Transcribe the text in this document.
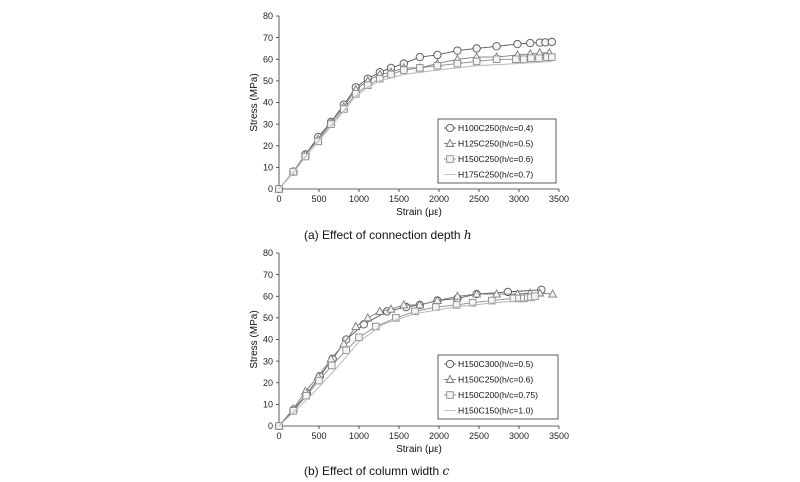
0	500 1000 1500 2000 2500 3000 3500
0
10
20
30
40
50
60
70
80
Strain (με)
Stress (MPa)	H100C250(h/c=0.4)
H125C250(h/c=0.5)
H150C250(h/c=0.6)
H175C250(h/c=0.7)
(a) Effect of connection depth h
0	500 1000 1500 2000 2500 3000 3500
0
10
20
30
40
50
60
70
80
Strain (με)
Stress (MPa)	H150C300(h/c=0.5)
H150C250(h/c=0.6)
H150C200(h/c=0.75)
H150C150(h/c=1.0)
(b) Effect of column width c
